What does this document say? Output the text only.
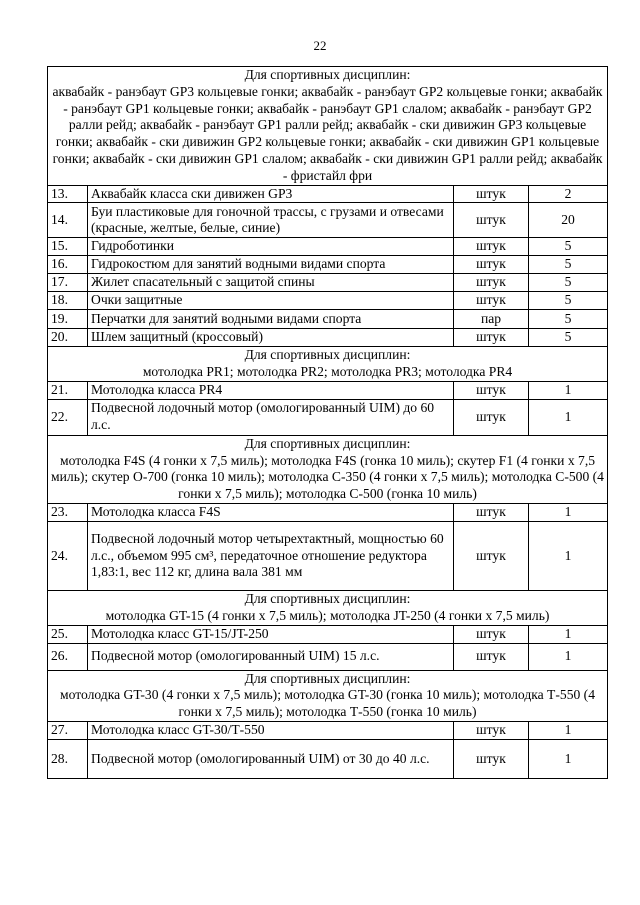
22
Для спортивных дисциплин:
аквабайк - ранэбаут GP3 кольцевые гонки; аквабайк - ранэбаут GP2 кольцевые гонки; аквабайк - ранэбаут GP1 кольцевые гонки; аквабайк - ранэбаут GP1 слалом; аквабайк - ранэбаут GP2 ралли рейд; аквабайк - ранэбаут GP1 ралли рейд; аквабайк - ски дивижин GP3 кольцевые гонки; аквабайк - ски дивижин GP2 кольцевые гонки; аквабайк - ски дивижин GP1 кольцевые гонки; аквабайк - ски дивижин GP1 слалом; аквабайк - ски дивижин GP1 ралли рейд; аквабайк - фристайл фри			

13.	Аквабайк класса ски дивижен GP3	штук	2
14.	Буи пластиковые для гоночной трассы, с грузами и отвесами (красные, желтые, белые, синие)	штук	20
15.	Гидроботинки	штук	5
16.	Гидрокостюм для занятий водными видами спорта	штук	5
17.	Жилет спасательный с защитой спины	штук	5
18.	Очки защитные	штук	5
19.	Перчатки для занятий водными видами спорта	пар	5
20.	Шлем защитный (кроссовый)	штук	5

Для спортивных дисциплин:
мотолодка PR1; мотолодка PR2; мотолодка PR3; мотолодка PR4			

21.	Мотолодка класса PR4	штук	1
22.	Подвесной лодочный мотор (омологированный UIM) до 60 л.с.	штук	1

Для спортивных дисциплин:
мотолодка F4S (4 гонки х 7,5 миль); мотолодка F4S (гонка 10 миль); скутер F1 (4 гонки х 7,5 миль); скутер О-700 (гонка 10 миль); мотолодка С-350 (4 гонки х 7,5 миль); мотолодка С-500 (4 гонки х 7,5 миль); мотолодка С-500 (гонка 10 миль)			

23.	Мотолодка класса F4S	штук	1
24.	Подвесной лодочный мотор четырехтактный, мощностью 60 л.с., объемом 995 см³, передаточное отношение редуктора 1,83:1, вес 112 кг, длина вала 381 мм	штук	1

Для спортивных дисциплин:
мотолодка GT-15 (4 гонки х 7,5 миль); мотолодка JT-250 (4 гонки х 7,5 миль)			

25.	Мотолодка класс GT-15/JT-250	штук	1
26.	Подвесной мотор (омологированный UIM) 15 л.с.	штук	1

Для спортивных дисциплин:
мотолодка GT-30 (4 гонки х 7,5 миль); мотолодка GT-30 (гонка 10 миль); мотолодка Т-550 (4 гонки х 7,5 миль); мотолодка Т-550 (гонка 10 миль)			

27.	Мотолодка класс GT-30/Т-550	штук	1
28.	Подвесной мотор (омологированный UIM) от 30 до 40 л.с.	штук	1
